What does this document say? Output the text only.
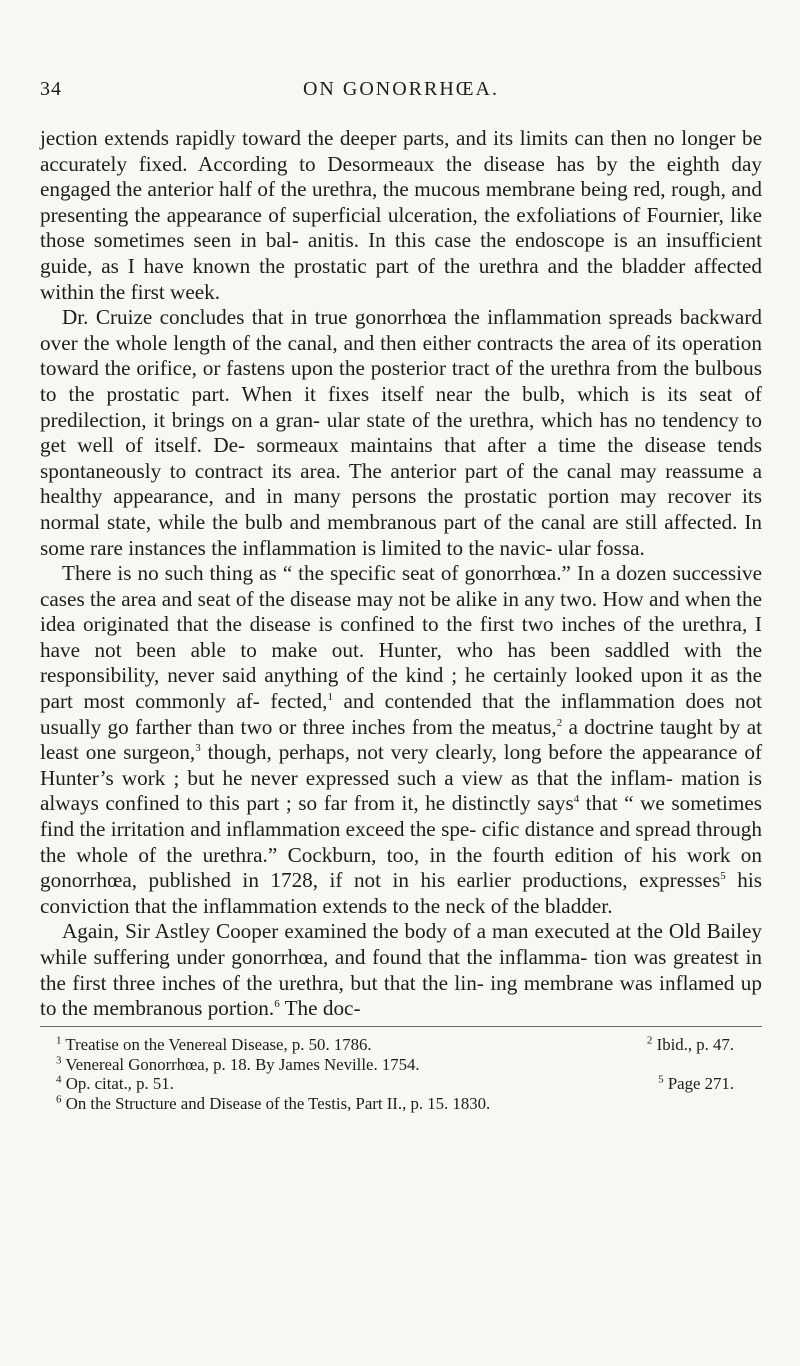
34	ON GONORRHŒA.

jection extends rapidly toward the deeper parts, and its limits can then no longer be accurately fixed. According to Desormeaux the disease has by the eighth day engaged the anterior half of the urethra, the mucous membrane being red, rough, and presenting the appearance of superficial ulceration, the exfoliations of Fournier, like those sometimes seen in bal- anitis. In this case the endoscope is an insufficient guide, as I have known the prostatic part of the urethra and the bladder affected within the first week.

Dr. Cruize concludes that in true gonorrhœa the inflammation spreads backward over the whole length of the canal, and then either contracts the area of its operation toward the orifice, or fastens upon the posterior tract of the urethra from the bulbous to the prostatic part. When it fixes itself near the bulb, which is its seat of predilection, it brings on a gran- ular state of the urethra, which has no tendency to get well of itself. De- sormeaux maintains that after a time the disease tends spontaneously to contract its area. The anterior part of the canal may reassume a healthy appearance, and in many persons the prostatic portion may recover its normal state, while the bulb and membranous part of the canal are still affected. In some rare instances the inflammation is limited to the navic- ular fossa.

There is no such thing as “ the specific seat of gonorrhœa.” In a dozen successive cases the area and seat of the disease may not be alike in any two. How and when the idea originated that the disease is confined to the first two inches of the urethra, I have not been able to make out. Hunter, who has been saddled with the responsibility, never said anything of the kind ; he certainly looked upon it as the part most commonly af- fected,$^1$ and contended that the inflammation does not usually go farther than two or three inches from the meatus,$^2$ a doctrine taught by at least one surgeon,$^3$ though, perhaps, not very clearly, long before the appearance of Hunter’s work ; but he never expressed such a view as that the inflam- mation is always confined to this part ; so far from it, he distinctly says$^4$ that “ we sometimes find the irritation and inflammation exceed the spe- cific distance and spread through the whole of the urethra.” Cockburn, too, in the fourth edition of his work on gonorrhœa, published in 1728, if not in his earlier productions, expresses$^5$ his conviction that the inflammation extends to the neck of the bladder.

Again, Sir Astley Cooper examined the body of a man executed at the Old Bailey while suffering under gonorrhœa, and found that the inflamma- tion was greatest in the first three inches of the urethra, but that the lin- ing membrane was inflamed up to the membranous portion.$^6$ The doc-

$^1$ Treatise on the Venereal Disease, p. 50. 1786.	$^2$ Ibid., p. 47.
$^3$ Venereal Gonorrhœa, p. 18. By James Neville. 1754.
$^4$ Op. citat., p. 51.	$^5$ Page 271.
$^6$ On the Structure and Disease of the Testis, Part II., p. 15. 1830.
